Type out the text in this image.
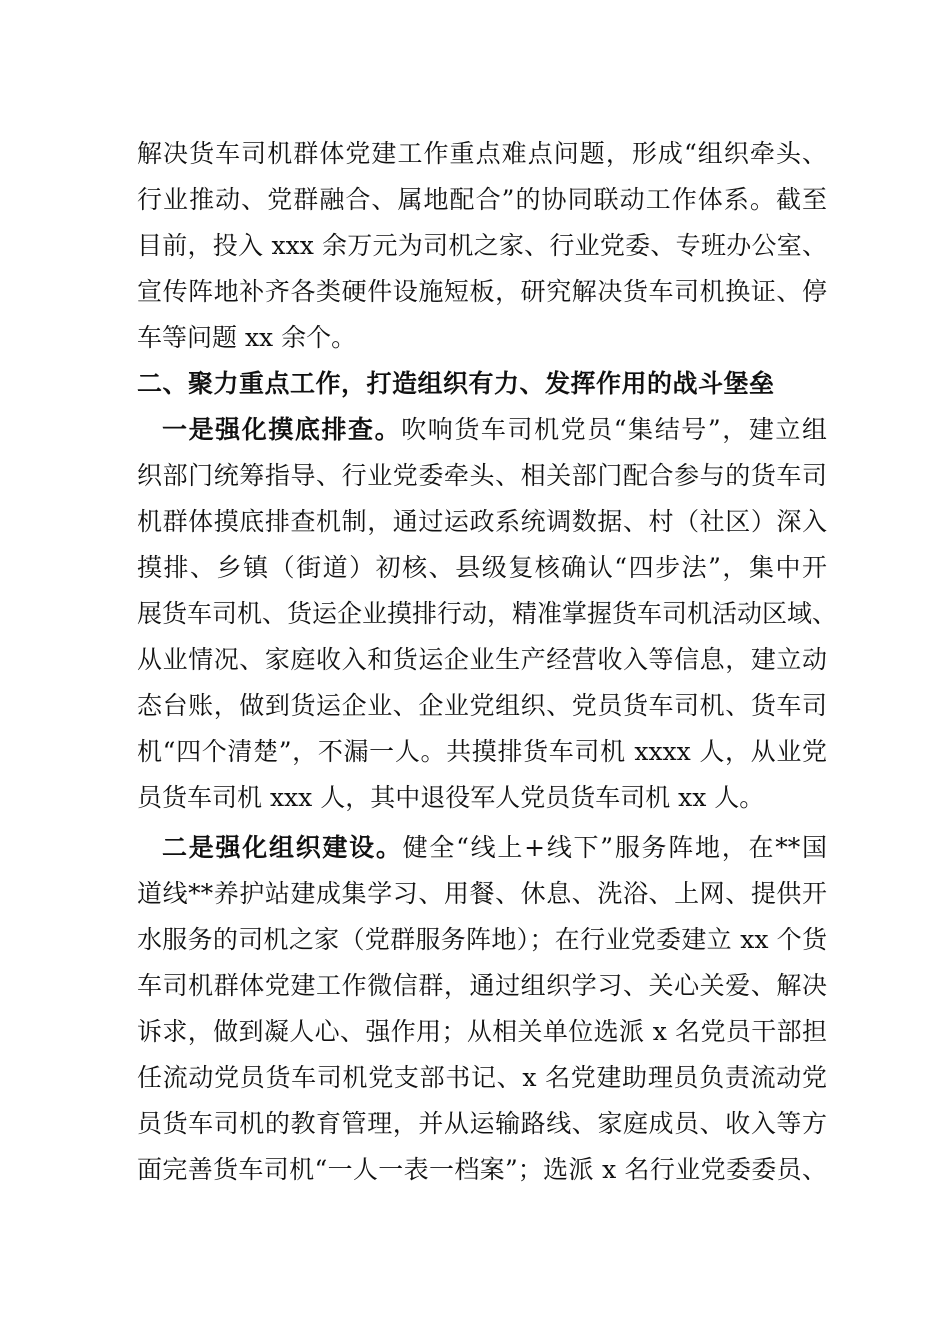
解决货车司机群体党建工作重点难点问题，形成“组织牵头、
行业推动、党群融合、属地配合”的协同联动工作体系。截至
目前，投入 xxx 余万元为司机之家、行业党委、专班办公室、
宣传阵地补齐各类硬件设施短板，研究解决货车司机换证、停
车等问题 xx 余个。
二、聚力重点工作，打造组织有力、发挥作用的战斗堡垒
一是强化摸底排查。吹响货车司机党员“集结号”，建立组
织部门统筹指导、行业党委牵头、相关部门配合参与的货车司
机群体摸底排查机制，通过运政系统调数据、村（社区）深入
摸排、乡镇（街道）初核、县级复核确认“四步法”，集中开
展货车司机、货运企业摸排行动，精准掌握货车司机活动区域、
从业情况、家庭收入和货运企业生产经营收入等信息，建立动
态台账，做到货运企业、企业党组织、党员货车司机、货车司
机“四个清楚”，不漏一人。共摸排货车司机 xxxx 人，从业党
员货车司机 xxx 人，其中退役军人党员货车司机 xx 人。
二是强化组织建设。健全“线上+线下”服务阵地，在**国
道线**养护站建成集学习、用餐、休息、洗浴、上网、提供开
水服务的司机之家（党群服务阵地）；在行业党委建立 xx 个货
车司机群体党建工作微信群，通过组织学习、关心关爱、解决
诉求，做到凝人心、强作用；从相关单位选派 x 名党员干部担
任流动党员货车司机党支部书记、x 名党建助理员负责流动党
员货车司机的教育管理，并从运输路线、家庭成员、收入等方
面完善货车司机“一人一表一档案”；选派 x 名行业党委委员、
